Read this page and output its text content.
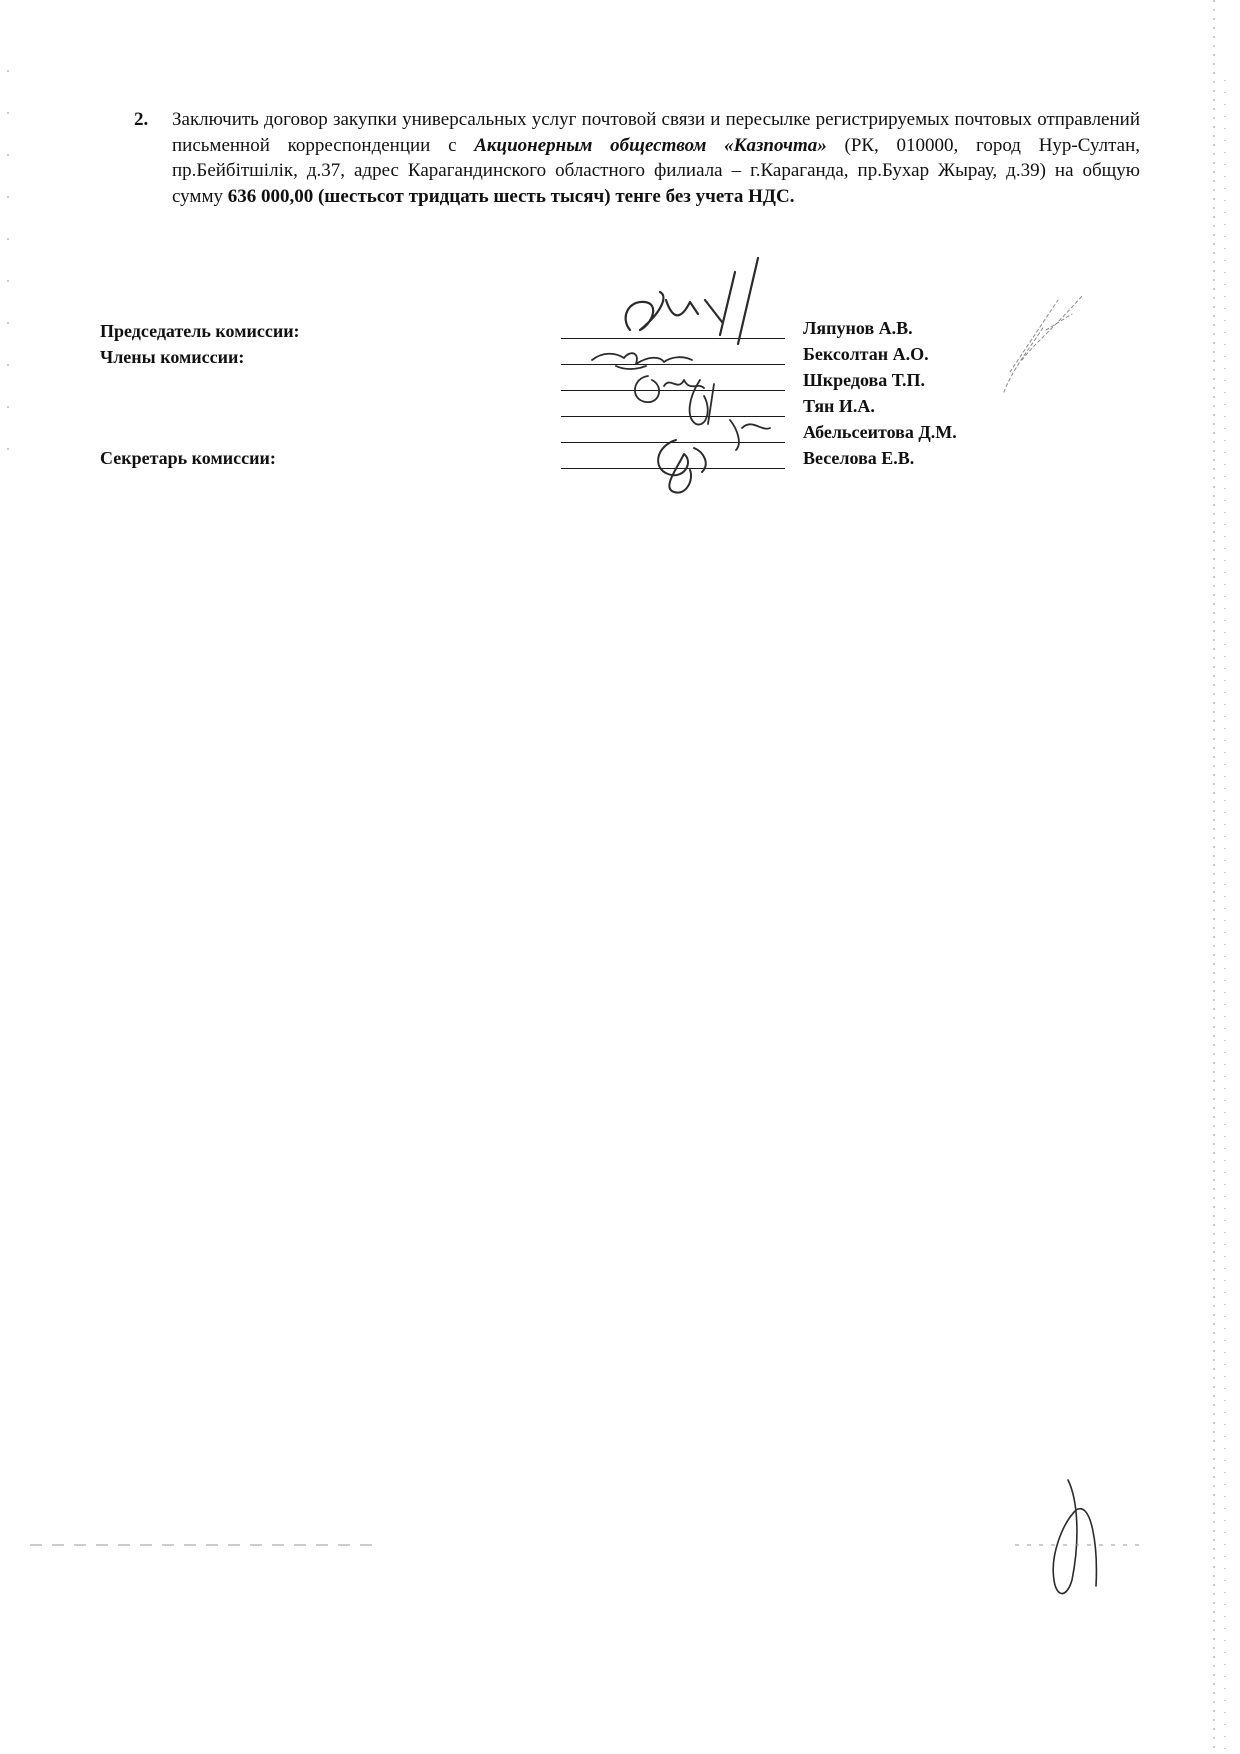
2. Заключить договор закупки универсальных услуг почтовой связи и пересылке регистрируемых почтовых отправлений письменной корреспонденции с Акционерным обществом «Казпочта» (РК, 010000, город Нур-Султан, пр.Бейбітшілік, д.37, адрес Карагандинского областного филиала – г.Караганда, пр.Бухар Жырау, д.39) на общую сумму 636 000,00 (шестьсот тридцать шесть тысяч) тенге без учета НДС.
Председатель комиссии:
Члены комиссии:
Секретарь комиссии:
Ляпунов А.В.
Бексолтан А.О.
Шкредова Т.П.
Тян И.А.
Абельсеитова Д.М.
Веселова Е.В.
